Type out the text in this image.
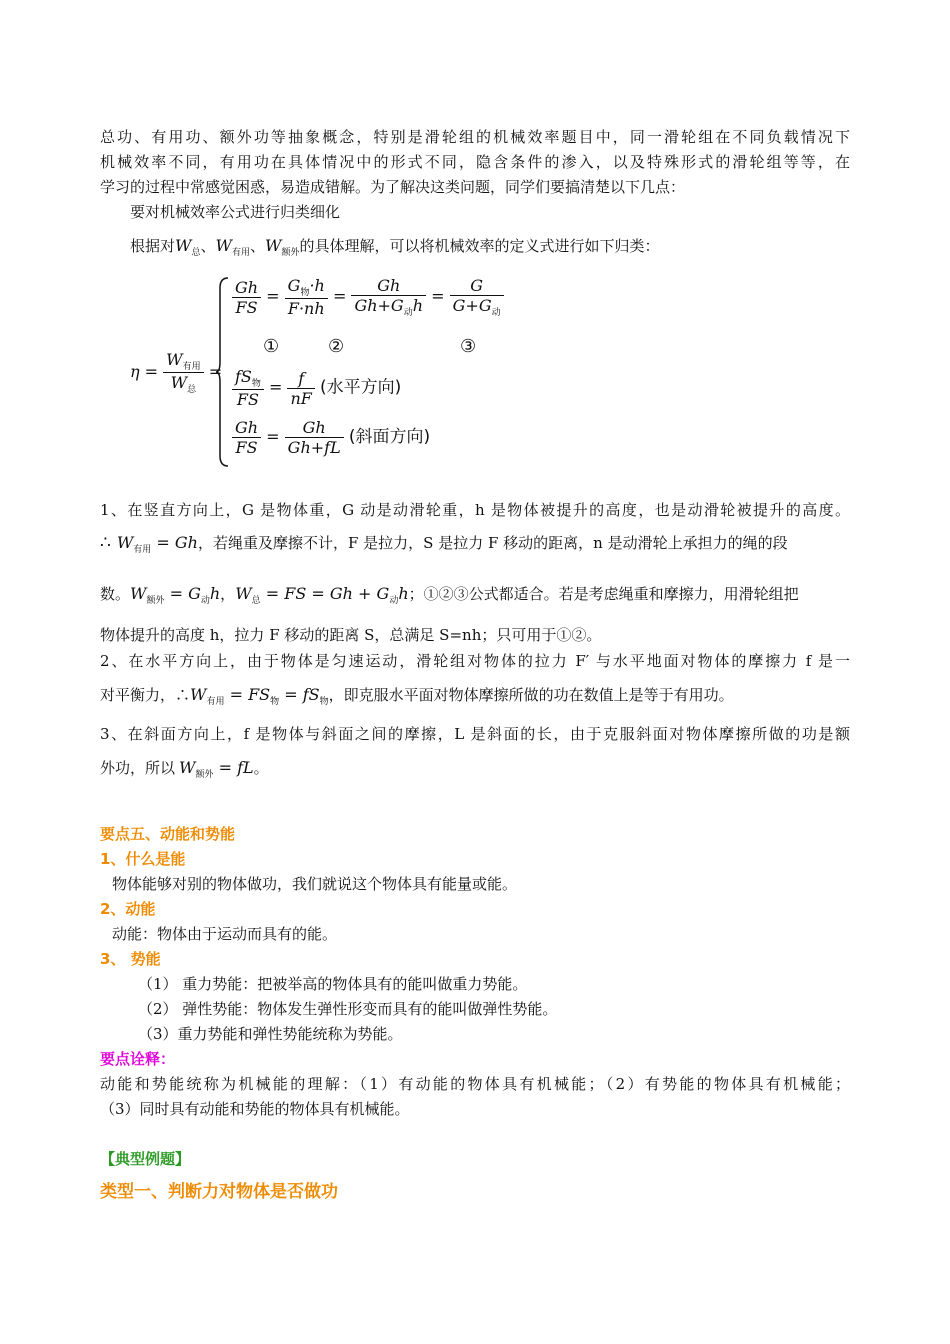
总功、有用功、额外功等抽象概念，特别是滑轮组的机械效率题目中，同一滑轮组在不同负载情况下
机械效率不同，有用功在具体情况中的形式不同，隐含条件的渗入，以及特殊形式的滑轮组等等，在
学习的过程中常感觉困惑，易造成错解。为了解决这类问题，同学们要搞清楚以下几点：
要对机械效率公式进行归类细化
根据对$W_总$、$W_{有用}$、$W_{额外}$的具体理解，可以将机械效率的定义式进行如下归类：
$\eta = \frac{W_{有用}}{W_总}$ =
$\frac{Gh}{FS} = \frac{G_物\cdot h}{F\cdot nh} = \frac{Gh}{Gh+G_动h} = \frac{G}{G+G_动}$
①	②	③
$\frac{fS_物}{FS} = \frac{f}{nF}$ (水平方向)
$\frac{Gh}{FS} = \frac{Gh}{Gh+fL}$ (斜面方向)
1、在竖直方向上，G 是物体重，G 动是动滑轮重，h 是物体被提升的高度，也是动滑轮被提升的高度。
∴ $W_{有用} = Gh$，若绳重及摩擦不计，F 是拉力，S 是拉力 F 移动的距离，n 是动滑轮上承担力的绳的段
数。$W_{额外} = G_动h$，$W_总$ = FS = $Gh + G_动h$；①②③公式都适合。若是考虑绳重和摩擦力，用滑轮组把
物体提升的高度 h，拉力 F 移动的距离 S，总满足 S=nh；只可用于①②。
2、在水平方向上，由于物体是匀速运动，滑轮组对物体的拉力 F′ 与水平地面对物体的摩擦力 f 是一
对平衡力，$\therefore W_{有用} = FS_物 = fS_物$，即克服水平面对物体摩擦所做的功在数值上是等于有用功。
3、在斜面方向上，f 是物体与斜面之间的摩擦，L 是斜面的长，由于克服斜面对物体摩擦所做的功是额
外功，所以 $W_{额外}$ = fL。
要点五、动能和势能
1、什么是能
物体能够对别的物体做功，我们就说这个物体具有能量或能。
2、动能
动能：物体由于运动而具有的能。
3、 势能
（1） 重力势能：把被举高的物体具有的能叫做重力势能。
（2） 弹性势能：物体发生弹性形变而具有的能叫做弹性势能。
（3）重力势能和弹性势能统称为势能。
要点诠释：
动能和势能统称为机械能的理解：（1）有动能的物体具有机械能；（2）有势能的物体具有机械能；
（3）同时具有动能和势能的物体具有机械能。
【典型例题】
类型一、判断力对物体是否做功
